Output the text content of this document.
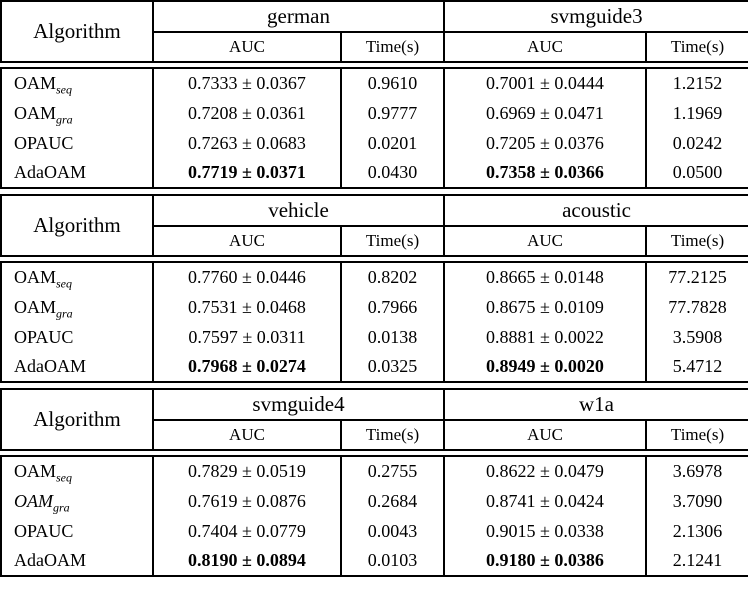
Algorithm	german		svmguide3	
	AUC	Time(s)	AUC	Time(s)
$OAM_{seq}$	0.7333 ± 0.0367	0.9610	0.7001 ± 0.0444	1.2152
$OAM_{gra}$	0.7208 ± 0.0361	0.9777	0.6969 ± 0.0471	1.1969
OPAUC	0.7263 ± 0.0683	0.0201	0.7205 ± 0.0376	0.0242
AdaOAM	0.7719 ± 0.0371	0.0430	0.7358 ± 0.0366	0.0500
Algorithm	vehicle		acoustic	
	AUC	Time(s)	AUC	Time(s)
$OAM_{seq}$	0.7760 ± 0.0446	0.8202	0.8665 ± 0.0148	77.2125
$OAM_{gra}$	0.7531 ± 0.0468	0.7966	0.8675 ± 0.0109	77.7828
OPAUC	0.7597 ± 0.0311	0.0138	0.8881 ± 0.0022	3.5908
AdaOAM	0.7968 ± 0.0274	0.0325	0.8949 ± 0.0020	5.4712
Algorithm	svmguide4		w1a	
	AUC	Time(s)	AUC	Time(s)
$OAM_{seq}$	0.7829 ± 0.0519	0.2755	0.8622 ± 0.0479	3.6978
$OAM_{gra}$	0.7619 ± 0.0876	0.2684	0.8741 ± 0.0424	3.7090
OPAUC	0.7404 ± 0.0779	0.0043	0.9015 ± 0.0338	2.1306
AdaOAM	0.8190 ± 0.0894	0.0103	0.9180 ± 0.0386	2.1241
